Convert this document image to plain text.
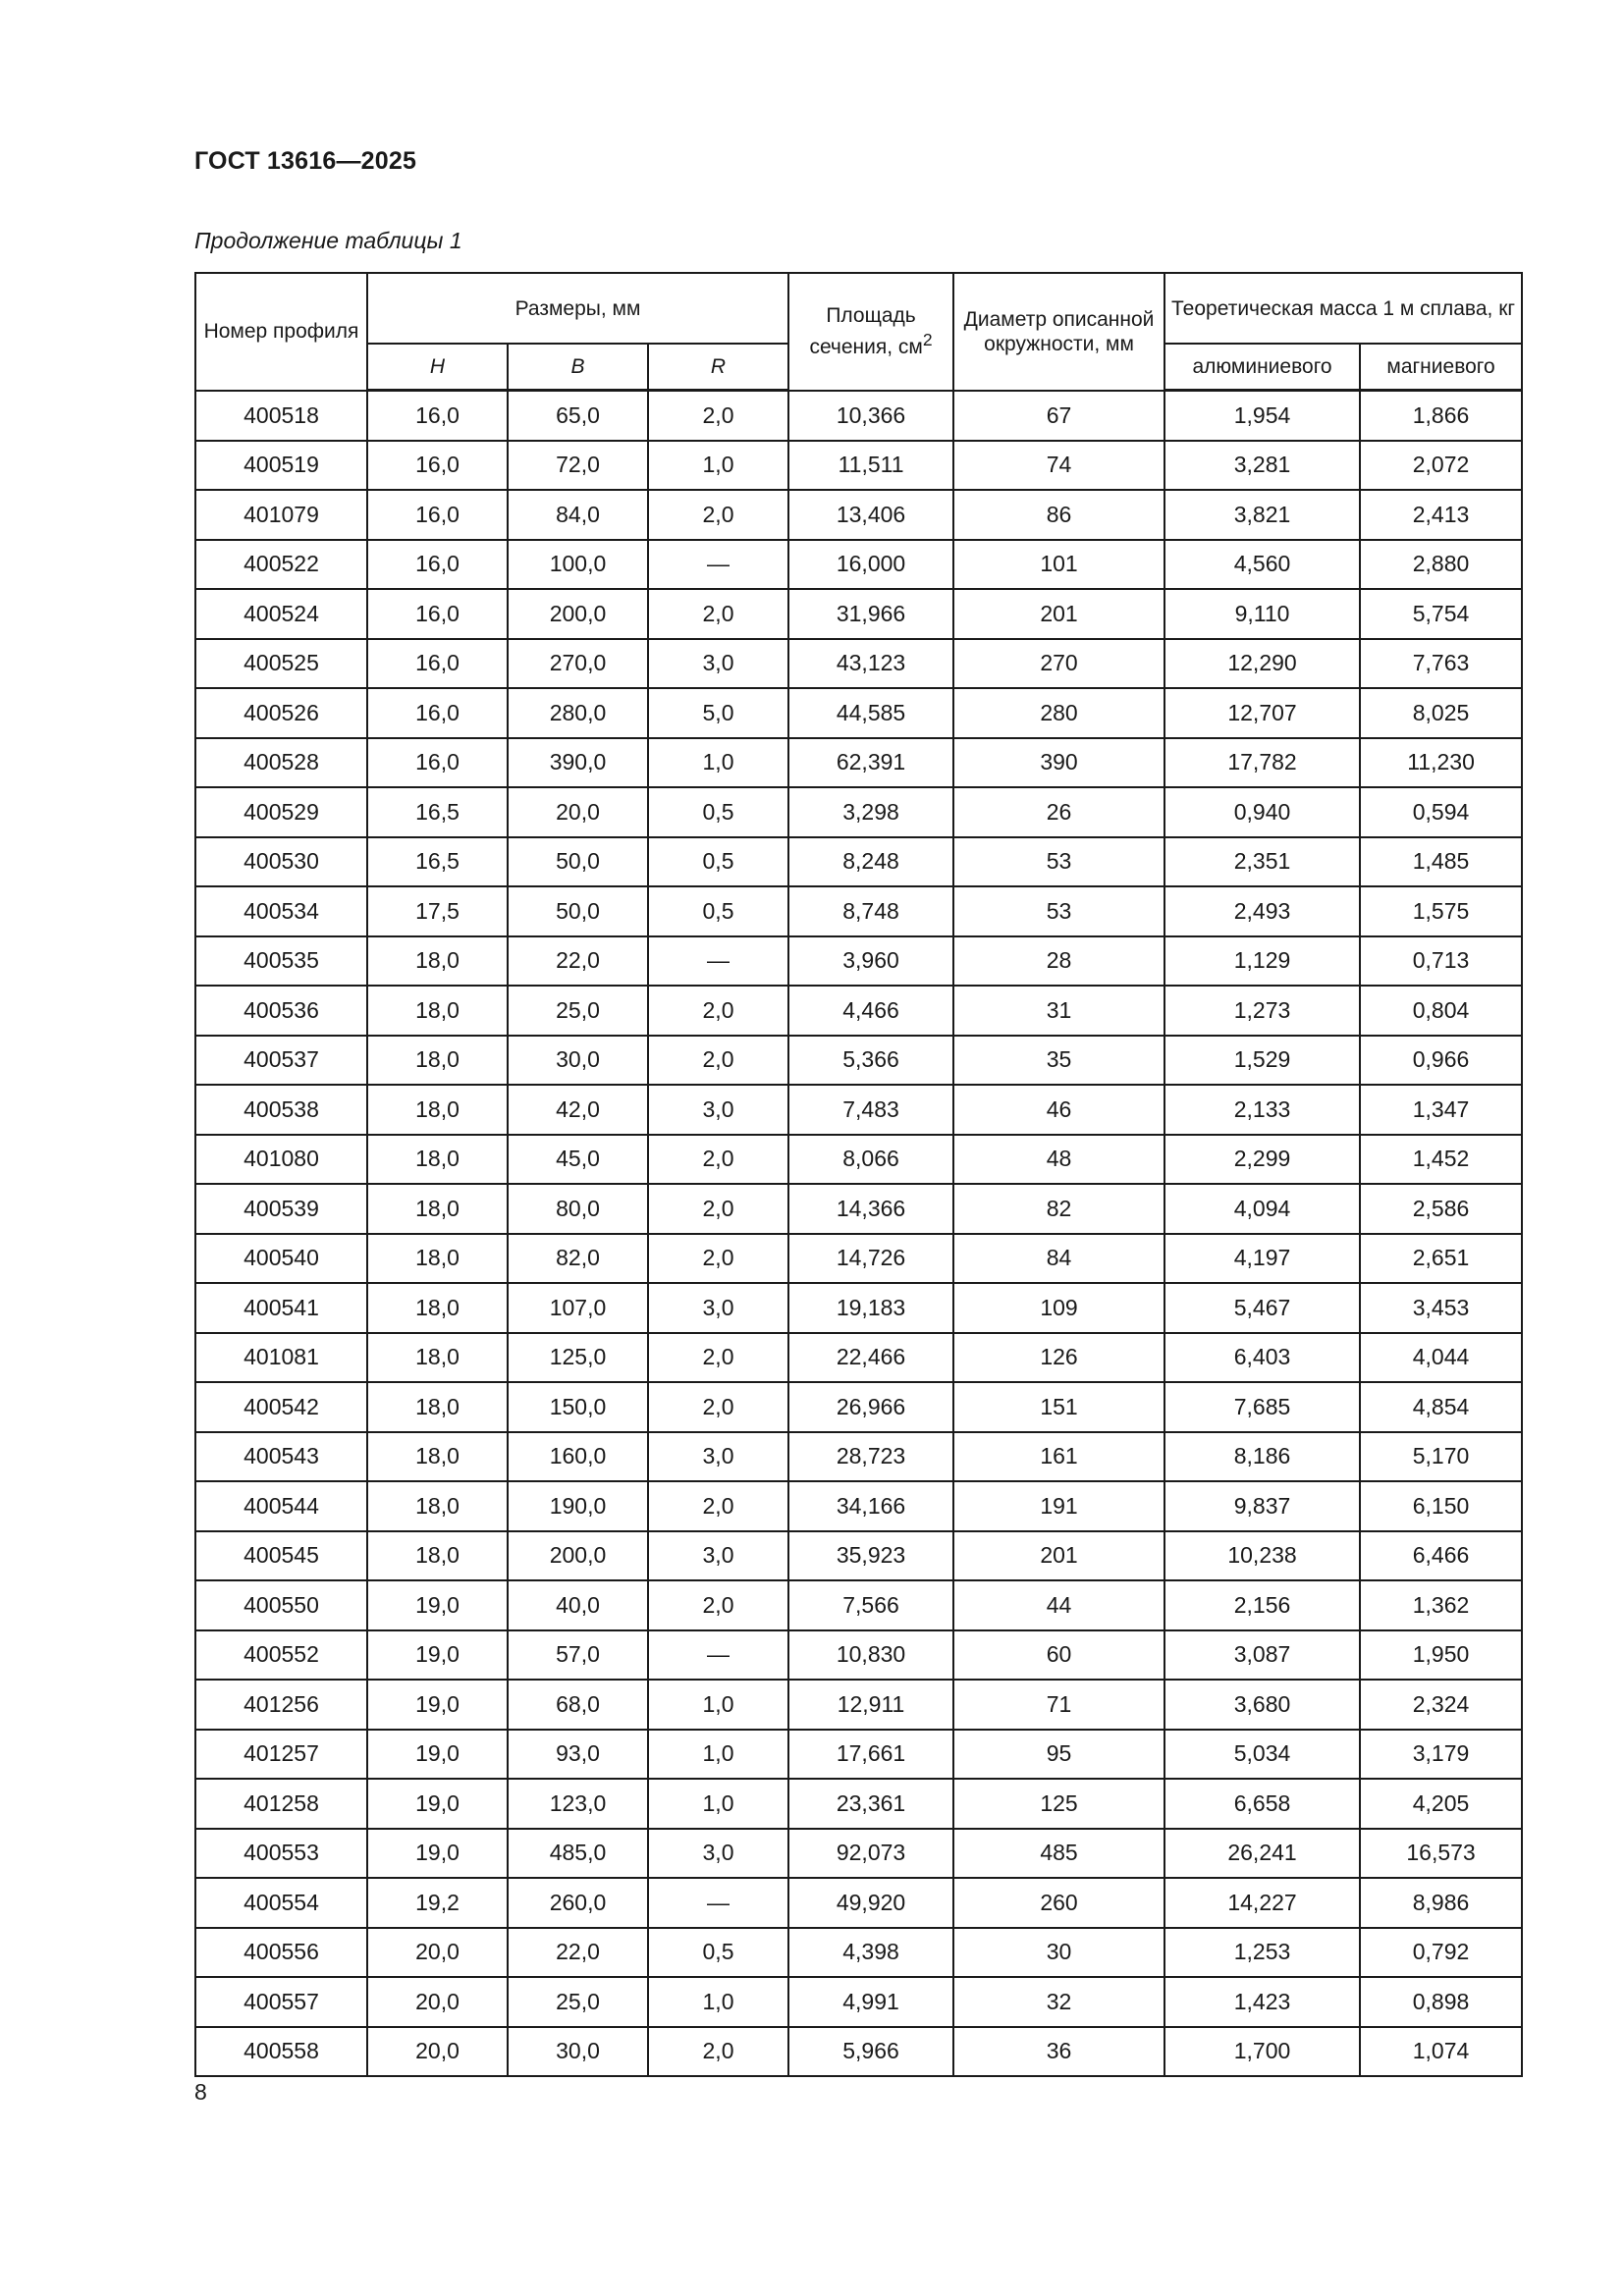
ГОСТ 13616—2025
Продолжение таблицы 1
Номер профиля	Размеры, мм			Площадь сечения, $см^2$	Диаметр описанной окружности, мм	Теоретическая масса 1 м сплава, кг	
	H	B	R			алюминиевого	магниевого
400518	16,0	65,0	2,0	10,366	67	1,954	1,866
400519	16,0	72,0	1,0	11,511	74	3,281	2,072
401079	16,0	84,0	2,0	13,406	86	3,821	2,413
400522	16,0	100,0	—	16,000	101	4,560	2,880
400524	16,0	200,0	2,0	31,966	201	9,110	5,754
400525	16,0	270,0	3,0	43,123	270	12,290	7,763
400526	16,0	280,0	5,0	44,585	280	12,707	8,025
400528	16,0	390,0	1,0	62,391	390	17,782	11,230
400529	16,5	20,0	0,5	3,298	26	0,940	0,594
400530	16,5	50,0	0,5	8,248	53	2,351	1,485
400534	17,5	50,0	0,5	8,748	53	2,493	1,575
400535	18,0	22,0	—	3,960	28	1,129	0,713
400536	18,0	25,0	2,0	4,466	31	1,273	0,804
400537	18,0	30,0	2,0	5,366	35	1,529	0,966
400538	18,0	42,0	3,0	7,483	46	2,133	1,347
401080	18,0	45,0	2,0	8,066	48	2,299	1,452
400539	18,0	80,0	2,0	14,366	82	4,094	2,586
400540	18,0	82,0	2,0	14,726	84	4,197	2,651
400541	18,0	107,0	3,0	19,183	109	5,467	3,453
401081	18,0	125,0	2,0	22,466	126	6,403	4,044
400542	18,0	150,0	2,0	26,966	151	7,685	4,854
400543	18,0	160,0	3,0	28,723	161	8,186	5,170
400544	18,0	190,0	2,0	34,166	191	9,837	6,150
400545	18,0	200,0	3,0	35,923	201	10,238	6,466
400550	19,0	40,0	2,0	7,566	44	2,156	1,362
400552	19,0	57,0	—	10,830	60	3,087	1,950
401256	19,0	68,0	1,0	12,911	71	3,680	2,324
401257	19,0	93,0	1,0	17,661	95	5,034	3,179
401258	19,0	123,0	1,0	23,361	125	6,658	4,205
400553	19,0	485,0	3,0	92,073	485	26,241	16,573
400554	19,2	260,0	—	49,920	260	14,227	8,986
400556	20,0	22,0	0,5	4,398	30	1,253	0,792
400557	20,0	25,0	1,0	4,991	32	1,423	0,898
400558	20,0	30,0	2,0	5,966	36	1,700	1,074
8
